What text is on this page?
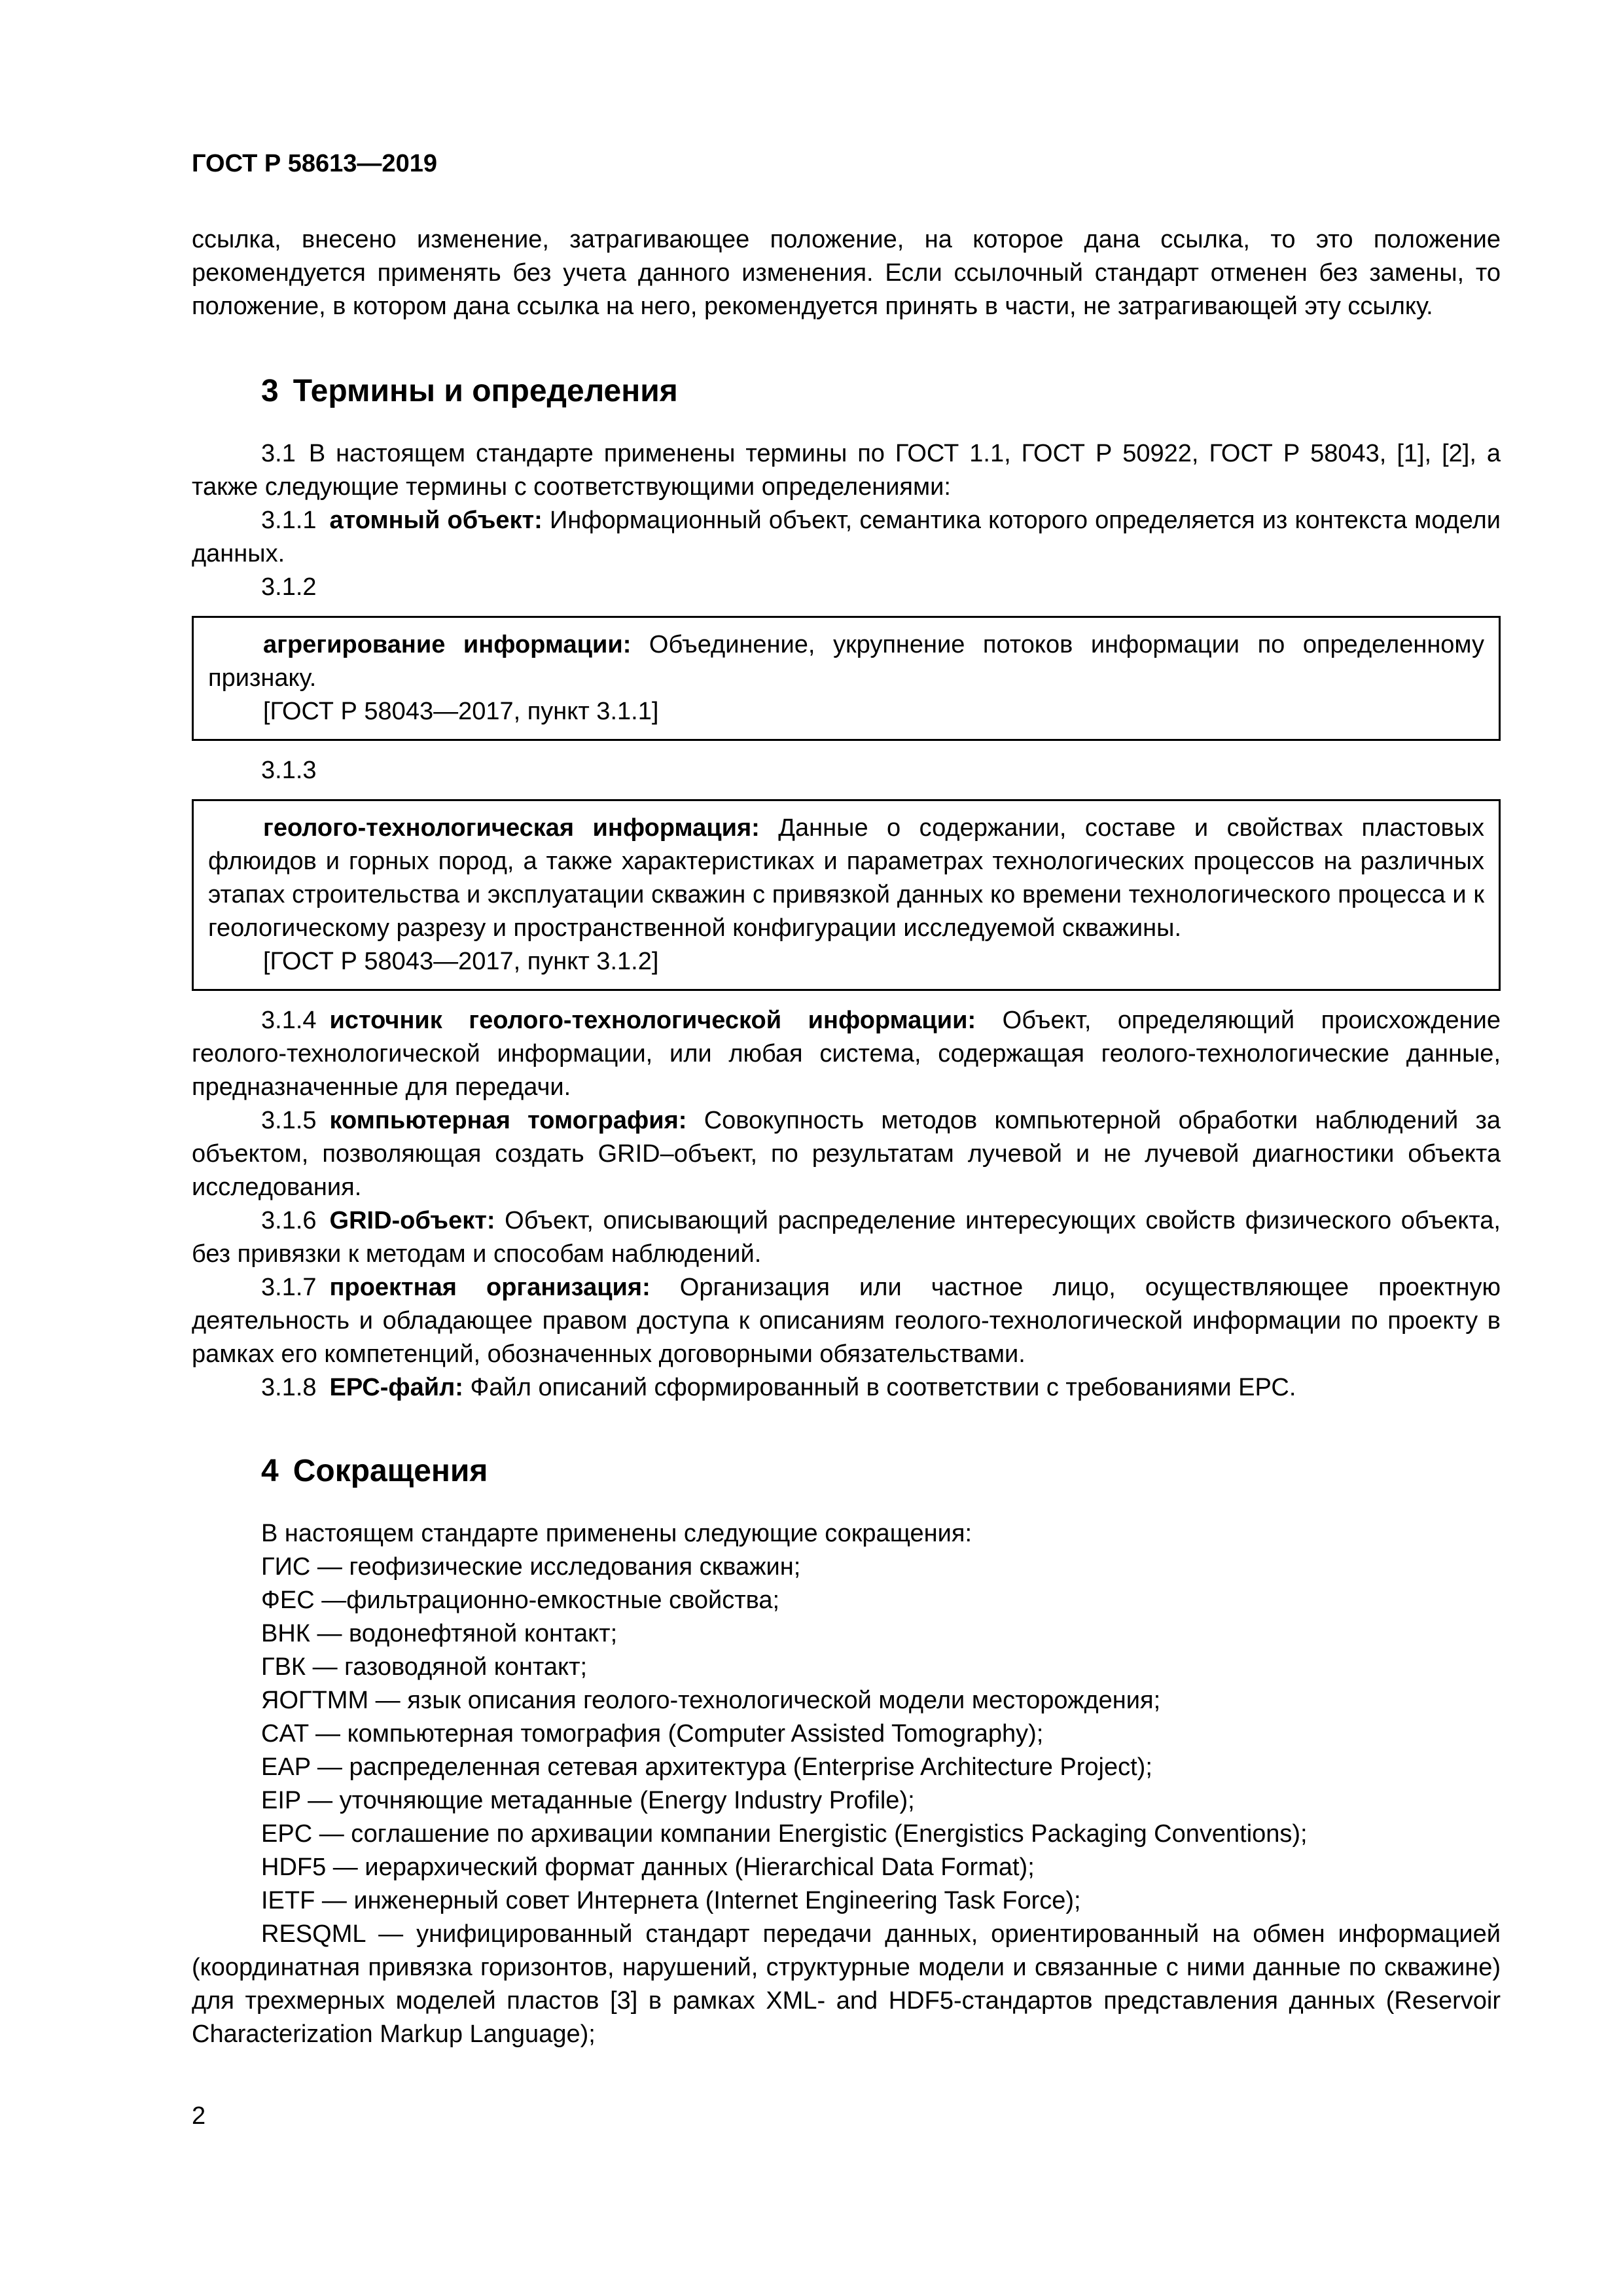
ГОСТ Р 58613—2019

ссылка, внесено изменение, затрагивающее положение, на которое дана ссылка, то это положение рекомендуется применять без учета данного изменения. Если ссылочный стандарт отменен без замены, то положение, в котором дана ссылка на него, рекомендуется принять в части, не затрагивающей эту ссылку.

3 Термины и определения

3.1 В настоящем стандарте применены термины по ГОСТ 1.1, ГОСТ Р 50922, ГОСТ Р 58043, [1], [2], а также следующие термины с соответствующими определениями:

3.1.1 атомный объект: Информационный объект, семантика которого определяется из контекста модели данных.

3.1.2

агрегирование информации: Объединение, укрупнение потоков информации по определенному признаку.

[ГОСТ Р 58043—2017, пункт 3.1.1]

3.1.3

геолого-технологическая информация: Данные о содержании, составе и свойствах пластовых флюидов и горных пород, а также характеристиках и параметрах технологических процессов на различных этапах строительства и эксплуатации скважин с привязкой данных ко времени технологического процесса и к геологическому разрезу и пространственной конфигурации исследуемой скважины.

[ГОСТ Р 58043—2017, пункт 3.1.2]

3.1.4 источник геолого-технологической информации: Объект, определяющий происхождение геолого-технологической информации, или любая система, содержащая геолого-технологические данные, предназначенные для передачи.

3.1.5 компьютерная томография: Совокупность методов компьютерной обработки наблюдений за объектом, позволяющая создать GRID–объект, по результатам лучевой и не лучевой диагностики объекта исследования.

3.1.6 GRID-объект: Объект, описывающий распределение интересующих свойств физического объекта, без привязки к методам и способам наблюдений.

3.1.7 проектная организация: Организация или частное лицо, осуществляющее проектную деятельность и обладающее правом доступа к описаниям геолого-технологической информации по проекту в рамках его компетенций, обозначенных договорными обязательствами.

3.1.8 ЕРС-файл: Файл описаний сформированный в соответствии с требованиями ЕРС.

4 Сокращения

В настоящем стандарте применены следующие сокращения:

ГИС — геофизические исследования скважин;

ФЕС —фильтрационно-емкостные свойства;

ВНК — водонефтяной контакт;

ГВК — газоводяной контакт;

ЯОГТММ — язык описания геолого-технологической модели месторождения;

CAT — компьютерная томография (Computer Assisted Tomography);

EAP — распределенная сетевая архитектура (Enterprise Architecture Project);

EIP — уточняющие метаданные (Energy Industry Profile);

EPC — соглашение по архивации компании Energistic (Energistics Packaging Conventions);

HDF5 — иерархический формат данных (Hierarchical Data Format);

IETF — инженерный совет Интернета (Internet Engineering Task Force);

RESQML — унифицированный стандарт передачи данных, ориентированный на обмен информацией (координатная привязка горизонтов, нарушений, структурные модели и связанные с ними данные по скважине) для трехмерных моделей пластов [3] в рамках XML- and HDF5-стандартов представления данных (Reservoir Characterization Markup Language);

2
